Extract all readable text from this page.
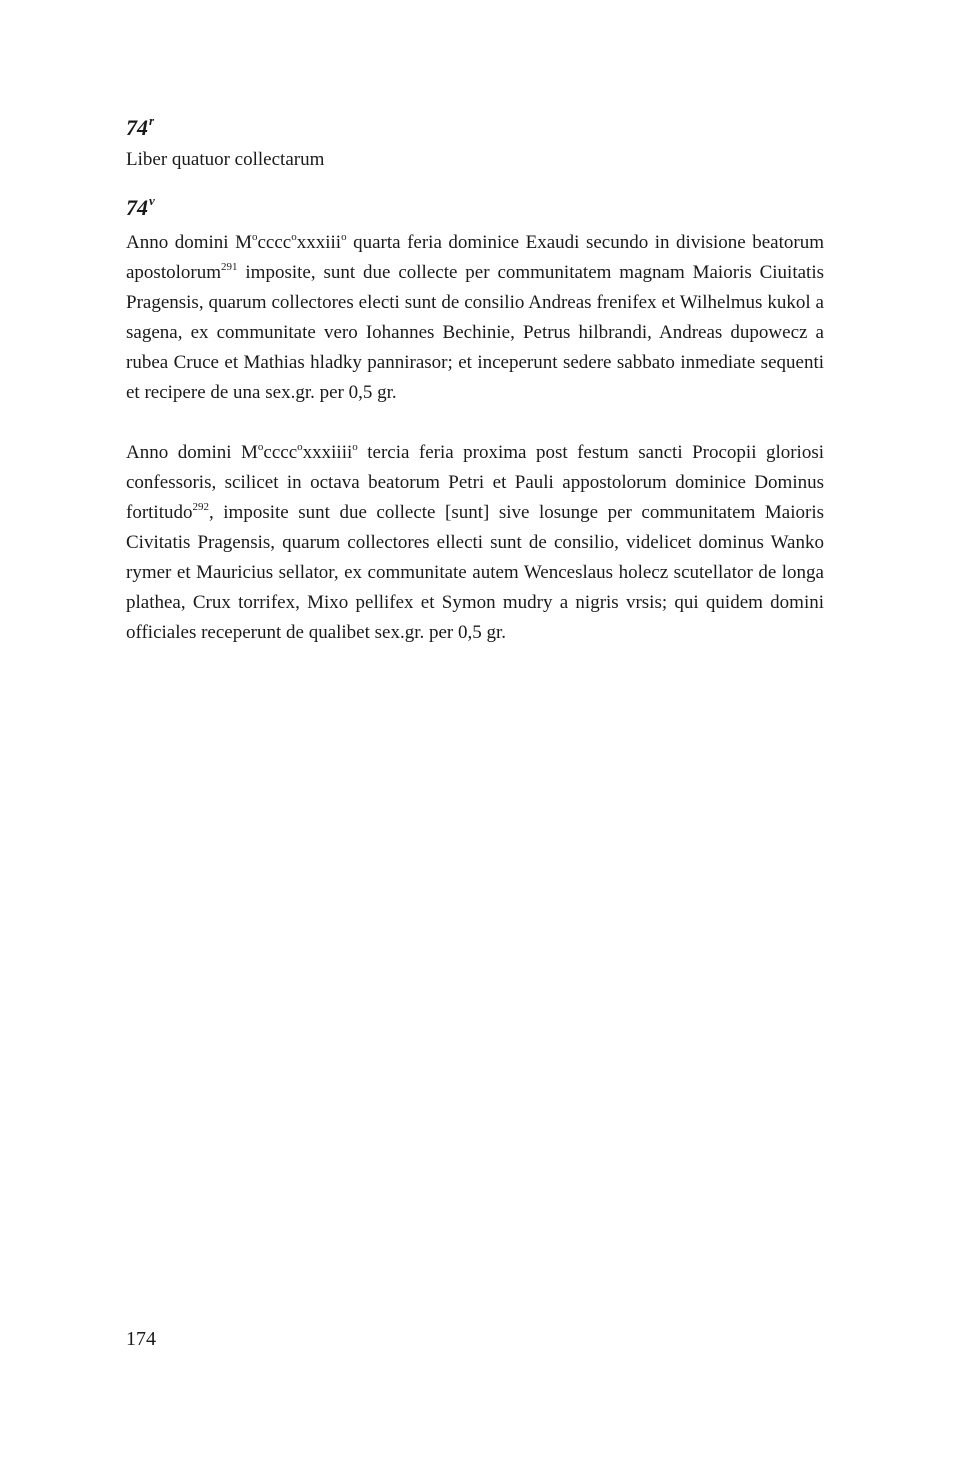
74$^r$
Liber quatuor collectarum
74$^v$

Anno domini $M^occcc^oxxxiii^o$ quarta feria dominice Exaudi secundo in divisione beatorum apostolorum$^{291}$ imposite, sunt due collecte per communitatem magnam Maioris Ciuitatis Pragensis, quarum collectores electi sunt de consilio Andreas frenifex et Wilhelmus kukol a sagena, ex communitate vero Iohannes Bechinie, Petrus hilbrandi, Andreas dupowecz a rubea Cruce et Mathias hladky pannirasor; et inceperunt sedere sabbato inmediate sequenti et recipere de una sex.gr. per 0,5 gr.

Anno domini $M^occcc^oxxxiiii^o$ tercia feria proxima post festum sancti Procopii gloriosi confessoris, scilicet in octava beatorum Petri et Pauli appostolorum dominice Dominus fortitudo$^{292}$, imposite sunt due collecte [sunt] sive losunge per communitatem Maioris Civitatis Pragensis, quarum collectores ellecti sunt de consilio, videlicet dominus Wanko rymer et Mauricius sellator, ex communitate autem Wenceslaus holecz scutellator de longa plathea, Crux torrifex, Mixo pellifex et Symon mudry a nigris vrsis; qui quidem domini officiales receperunt de qualibet sex.gr. per 0,5 gr.

174
